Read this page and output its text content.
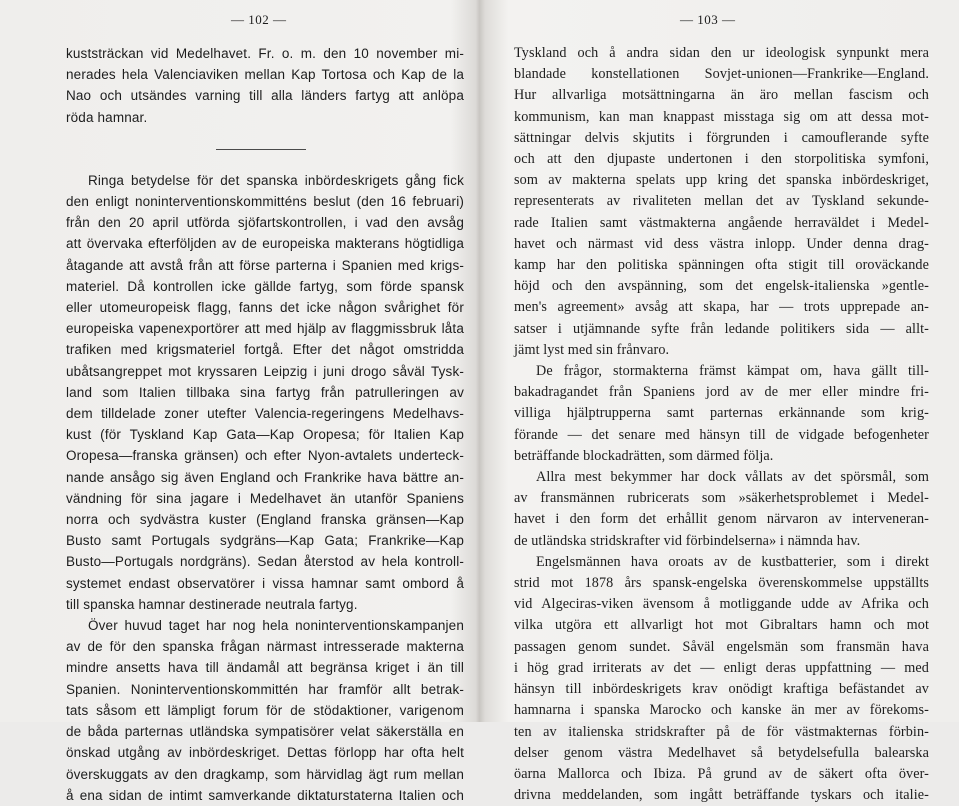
— 102 —
kuststräckan vid Medelhavet. Fr. o. m. den 10 november mi-
nerades hela Valenciaviken mellan Kap Tortosa och Kap de la
Nao och utsändes varning till alla länders fartyg att anlöpa
röda hamnar.
Ringa betydelse för det spanska inbördeskrigets gång fick
den enligt noninterventionskommitténs beslut (den 16 februari)
från den 20 april utförda sjöfartskontrollen, i vad den avsåg
att övervaka efterföljden av de europeiska makterans högtidliga
åtagande att avstå från att förse parterna i Spanien med krigs-
materiel. Då kontrollen icke gällde fartyg, som förde spansk
eller utomeuropeisk flagg, fanns det icke någon svårighet för
europeiska vapenexportörer att med hjälp av flaggmissbruk låta
trafiken med krigsmateriel fortgå. Efter det något omstridda
ubåtsangreppet mot kryssaren Leipzig i juni drogo såväl Tysk-
land som Italien tillbaka sina fartyg från patrulleringen av
dem tilldelade zoner utefter Valencia-regeringens Medelhavs-
kust (för Tyskland Kap Gata—Kap Oropesa; för Italien Kap
Oropesa—franska gränsen) och efter Nyon-avtalets underteck-
nande ansågo sig även England och Frankrike hava bättre an-
vändning för sina jagare i Medelhavet än utanför Spaniens
norra och sydvästra kuster (England franska gränsen—Kap
Busto samt Portugals sydgräns—Kap Gata; Frankrike—Kap
Busto—Portugals nordgräns). Sedan återstod av hela kontroll-
systemet endast observatörer i vissa hamnar samt ombord å
till spanska hamnar destinerade neutrala fartyg.
Över huvud taget har nog hela noninterventionskampanjen
av de för den spanska frågan närmast intresserade makterna
mindre ansetts hava till ändamål att begränsa kriget i än till
Spanien. Noninterventionskommittén har framför allt betrak-
tats såsom ett lämpligt forum för de stödaktioner, varigenom
de båda parternas utländska sympatisörer velat säkerställa en
önskad utgång av inbördeskriget. Dettas förlopp har ofta helt
överskuggats av den dragkamp, som härvidlag ägt rum mellan
å ena sidan de intimt samverkande diktaturstaterna Italien och
— 103 —
Tyskland och å andra sidan den ur ideologisk synpunkt mera
blandade konstellationen Sovjet-unionen—Frankrike—England.
Hur allvarliga motsättningarna än äro mellan fascism och
kommunism, kan man knappast misstaga sig om att dessa mot-
sättningar delvis skjutits i förgrunden i camouflerande syfte
och att den djupaste undertonen i den storpolitiska symfoni,
som av makterna spelats upp kring det spanska inbördeskriget,
representerats av rivaliteten mellan det av Tyskland sekunde-
rade Italien samt västmakterna angående herraväldet i Medel-
havet och närmast vid dess västra inlopp. Under denna drag-
kamp har den politiska spänningen ofta stigit till oroväckande
höjd och den avspänning, som det engelsk-italienska »gentle-
men's agreement» avsåg att skapa, har — trots upprepade an-
satser i utjämnande syfte från ledande politikers sida — allt-
jämt lyst med sin frånvaro.
De frågor, stormakterna främst kämpat om, hava gällt till-
bakadragandet från Spaniens jord av de mer eller mindre fri-
villiga hjälptrupperna samt parternas erkännande som krig-
förande — det senare med hänsyn till de vidgade befogenheter
beträffande blockadrätten, som därmed följa.
Allra mest bekymmer har dock vållats av det spörsmål, som
av fransmännen rubricerats som »säkerhetsproblemet i Medel-
havet i den form det erhållit genom närvaron av interveneran-
de utländska stridskrafter vid förbindelserna» i nämnda hav.
Engelsmännen hava oroats av de kustbatterier, som i direkt
strid mot 1878 års spansk-engelska överenskommelse uppställts
vid Algeciras-viken ävensom å motliggande udde av Afrika och
vilka utgöra ett allvarligt hot mot Gibraltars hamn och mot
passagen genom sundet. Såväl engelsmän som fransmän hava
i hög grad irriterats av det — enligt deras uppfattning — med
hänsyn till inbördeskrigets krav onödigt kraftiga befästandet av
hamnarna i spanska Marocko och kanske än mer av förekoms-
ten av italienska stridskrafter på de för västmakternas förbin-
delser genom västra Medelhavet så betydelsefulla balearska
öarna Mallorca och Ibiza. På grund av de säkert ofta över-
drivna meddelanden, som ingått beträffande tyskars och italie-
